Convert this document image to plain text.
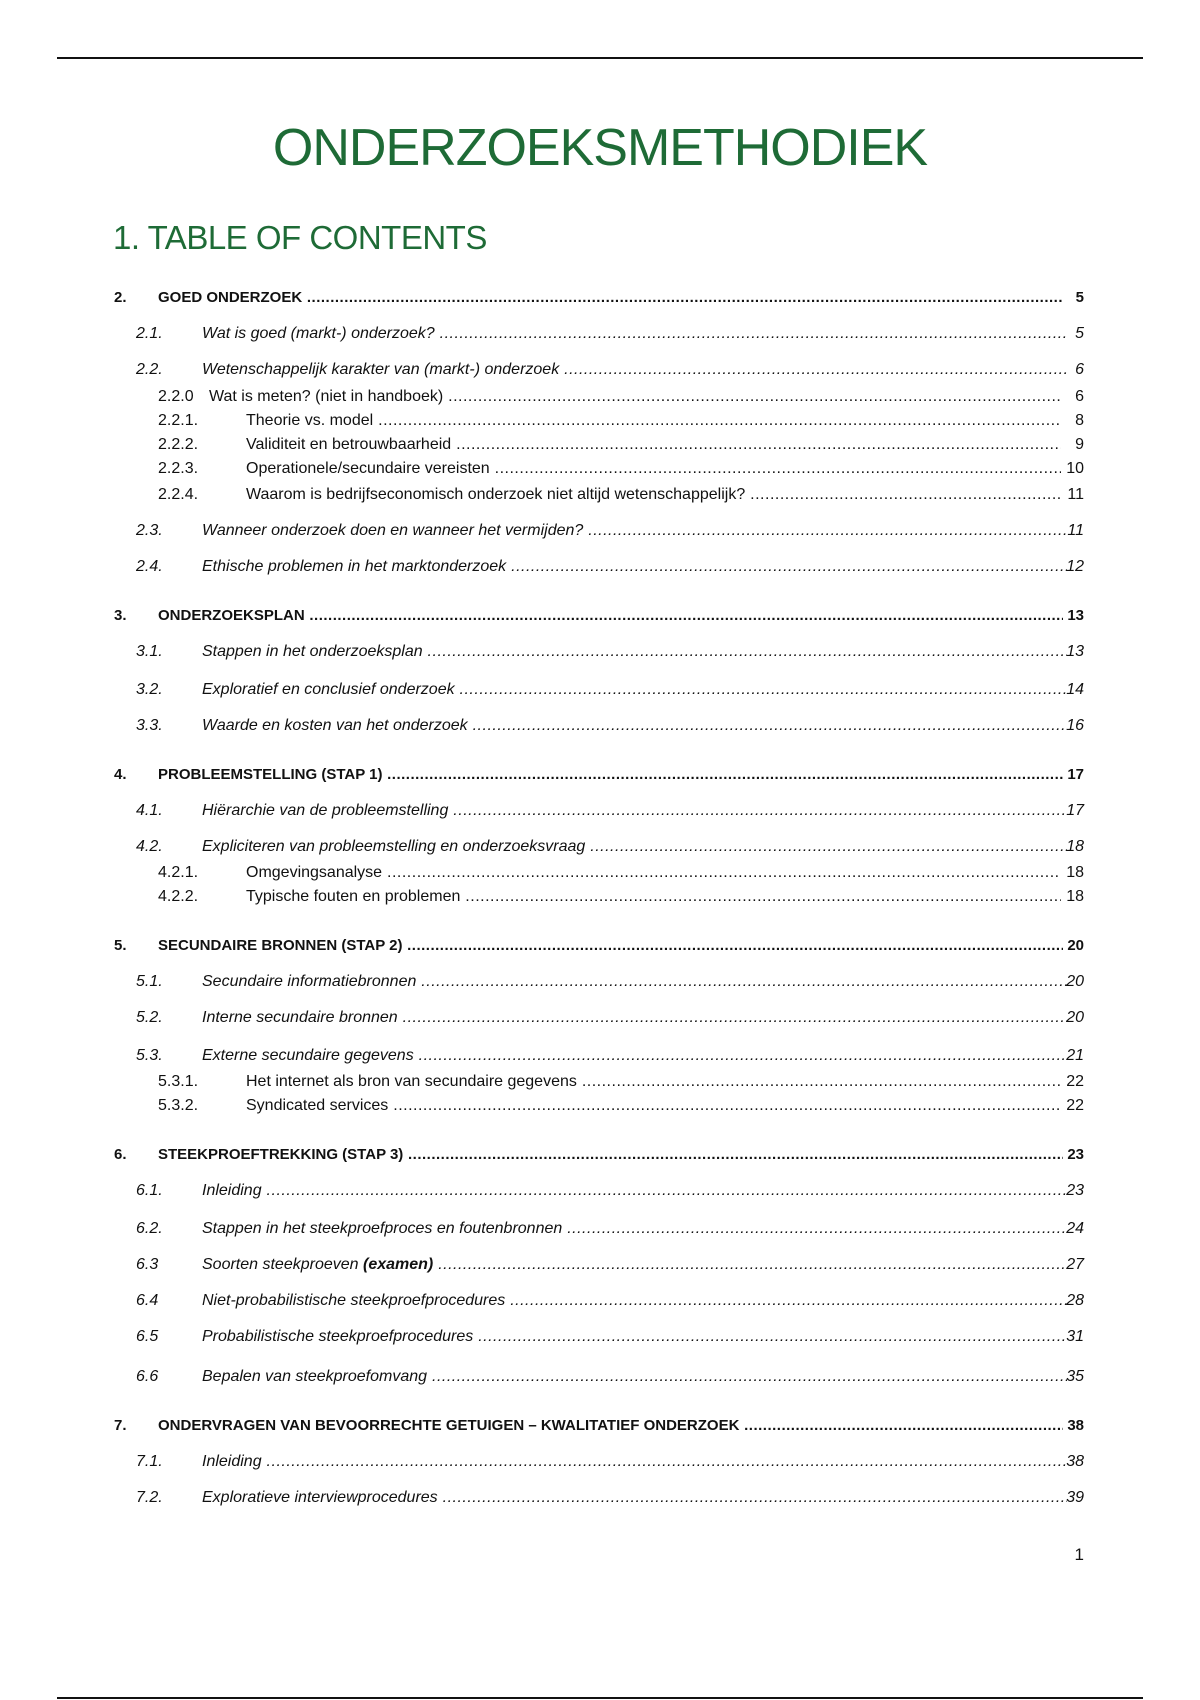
ONDERZOEKSMETHODIEK
1. TABLE OF CONTENTS
2. GOED ONDERZOEK .....	5
2.1. Wat is goed (markt-) onderzoek? .....	5
2.2. Wetenschappelijk karakter van (markt-) onderzoek .....	6
2.2.0 Wat is meten? (niet in handboek) .....	6
2.2.1.	Theorie vs. model .....	8
2.2.2.	Validiteit en betrouwbaarheid .....	9
2.2.3.	Operationele/secundaire vereisten .....	10
2.2.4.	Waarom is bedrijfseconomisch onderzoek niet altijd wetenschappelijk? .....	11
2.3. Wanneer onderzoek doen en wanneer het vermijden? .....	11
2.4. Ethische problemen in het marktonderzoek .....	12
3. ONDERZOEKSPLAN .....	13
3.1. Stappen in het onderzoeksplan .....	13
3.2. Exploratief en conclusief onderzoek .....	14
3.3. Waarde en kosten van het onderzoek .....	16
4. PROBLEEMSTELLING (STAP 1) .....	17
4.1. Hiërarchie van de probleemstelling .....	17
4.2. Expliciteren van probleemstelling en onderzoeksvraag .....	18
4.2.1.	Omgevingsanalyse .....	18
4.2.2.	Typische fouten en problemen .....	18
5. SECUNDAIRE BRONNEN (STAP 2) .....	20
5.1. Secundaire informatiebronnen .....	20
5.2. Interne secundaire bronnen .....	20
5.3. Externe secundaire gegevens .....	21
5.3.1.	Het internet als bron van secundaire gegevens .....	22
5.3.2.	Syndicated services .....	22
6. STEEKPROEFTREKKING (STAP 3) .....	23
6.1. Inleiding .....	23
6.2. Stappen in het steekproefproces en foutenbronnen .....	24
6.3	Soorten steekproeven (examen) .....	27
6.4	Niet-probabilistische steekproefprocedures .....	28
6.5	Probabilistische steekproefprocedures .....	31
6.6	Bepalen van steekproefomvang .....	35
7. ONDERVRAGEN VAN BEVOORRECHTE GETUIGEN – KWALITATIEF ONDERZOEK .....	38
7.1. Inleiding .....	38
7.2. Exploratieve interviewprocedures .....	39
1
